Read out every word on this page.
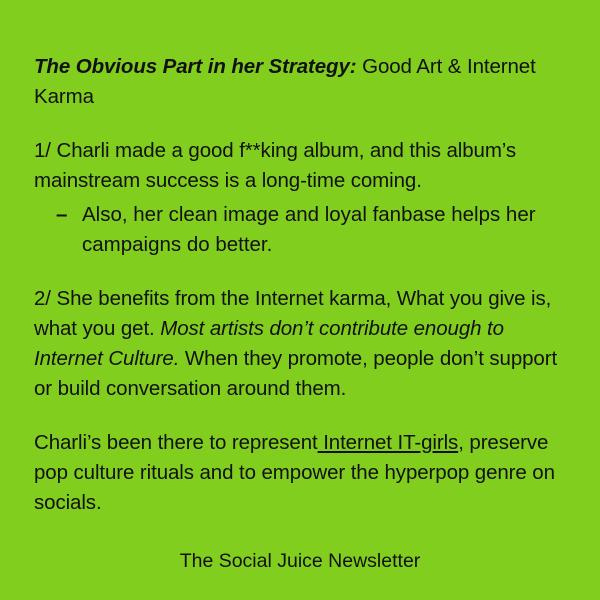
The Obvious Part in her Strategy: Good Art & Internet Karma

1/ Charli made a good f**king album, and this album’s mainstream success is a long-time coming.

– Also, her clean image and loyal fanbase helps her campaigns do better.

2/ She benefits from the Internet karma, What you give is, what you get. Most artists don’t contribute enough to Internet Culture. When they promote, people don’t support or build conversation around them.

Charli’s been there to represent Internet IT-girls, preserve pop culture rituals and to empower the hyperpop genre on socials.

The Social Juice Newsletter
